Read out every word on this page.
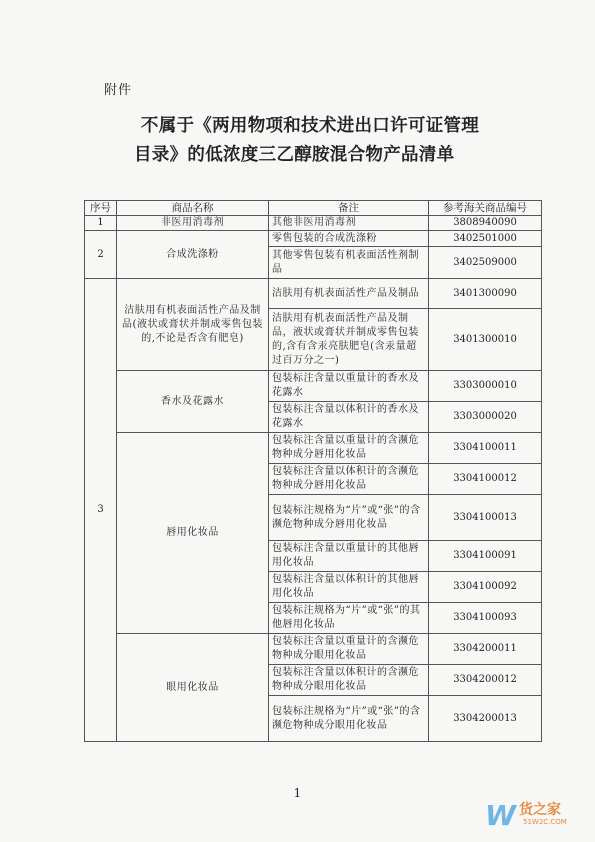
附件
不属于《两用物项和技术进出口许可证管理
目录》的低浓度三乙醇胺混合物产品清单
序号	商品名称	备注	参考海关商品编号
1	非医用消毒剂	其他非医用消毒剂	3808940090
2	合成洗涤粉	零售包装的合成洗涤粉	3402501000
		其他零售包装有机表面活性剂制品	3402509000
3	洁肤用有机表面活性产品及制品(液状或膏状并制成零售包装的,不论是否含有肥皂)	洁肤用有机表面活性产品及制品	3401300090
		洁肤用有机表面活性产品及制品，液状或膏状并制成零售包装的,含有含汞亮肤肥皂(含汞量超过百万分之一)	3401300010
	香水及花露水	包装标注含量以重量计的香水及花露水	3303000010
		包装标注含量以体积计的香水及花露水	3303000020
	唇用化妆品	包装标注含量以重量计的含濒危物种成分唇用化妆品	3304100011
		包装标注含量以体积计的含濒危物种成分唇用化妆品	3304100012
		包装标注规格为“片”或“张”的含濒危物种成分唇用化妆品	3304100013
		包装标注含量以重量计的其他唇用化妆品	3304100091
		包装标注含量以体积计的其他唇用化妆品	3304100092
		包装标注规格为“片”或“张”的其他唇用化妆品	3304100093
	眼用化妆品	包装标注含量以重量计的含濒危物种成分眼用化妆品	3304200011
		包装标注含量以体积计的含濒危物种成分眼用化妆品	3304200012
		包装标注规格为“片”或“张”的含濒危物种成分眼用化妆品	3304200013
1
W 货之家
51W2C.COM
